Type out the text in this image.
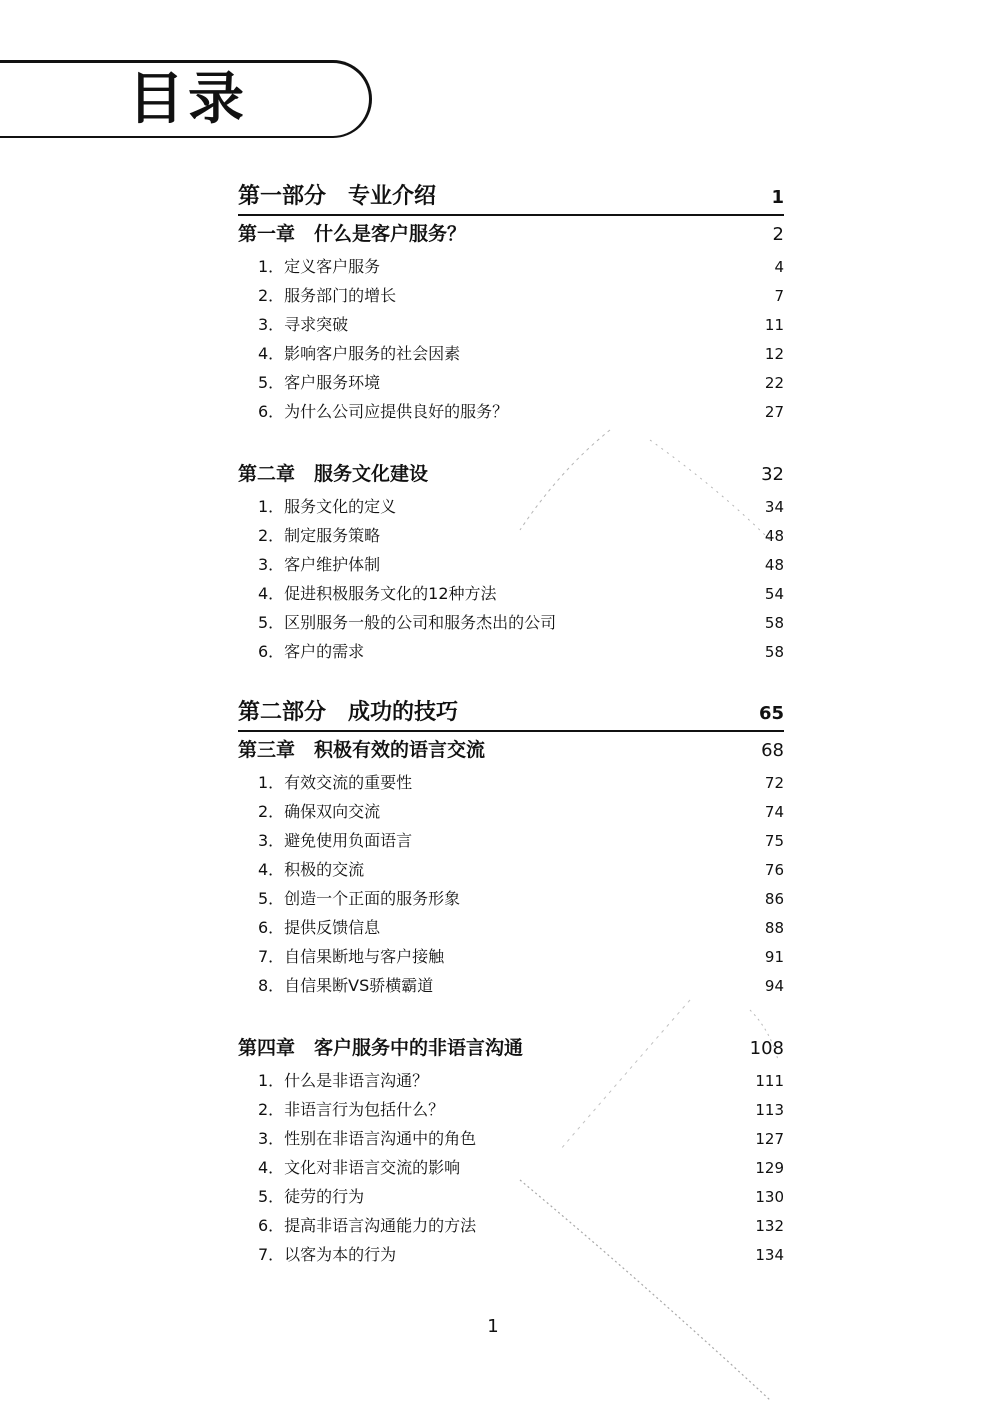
目录
第一部分　专业介绍	1
第一章　什么是客户服务？	2
1．定义客户服务	4
2．服务部门的增长	7
3．寻求突破	11
4．影响客户服务的社会因素	12
5．客户服务环境	22
6．为什么公司应提供良好的服务？	27
第二章　服务文化建设	32
1．服务文化的定义	34
2．制定服务策略	48
3．客户维护体制	48
4．促进积极服务文化的12种方法	54
5．区别服务一般的公司和服务杰出的公司	58
6．客户的需求	58
第二部分　成功的技巧	65
第三章　积极有效的语言交流	68
1．有效交流的重要性	72
2．确保双向交流	74
3．避免使用负面语言	75
4．积极的交流	76
5．创造一个正面的服务形象	86
6．提供反馈信息	88
7．自信果断地与客户接触	91
8．自信果断VS骄横霸道	94
第四章　客户服务中的非语言沟通	108
1．什么是非语言沟通？	111
2．非语言行为包括什么？	113
3．性别在非语言沟通中的角色	127
4．文化对非语言交流的影响	129
5．徒劳的行为	130
6．提高非语言沟通能力的方法	132
7．以客为本的行为	134
1
